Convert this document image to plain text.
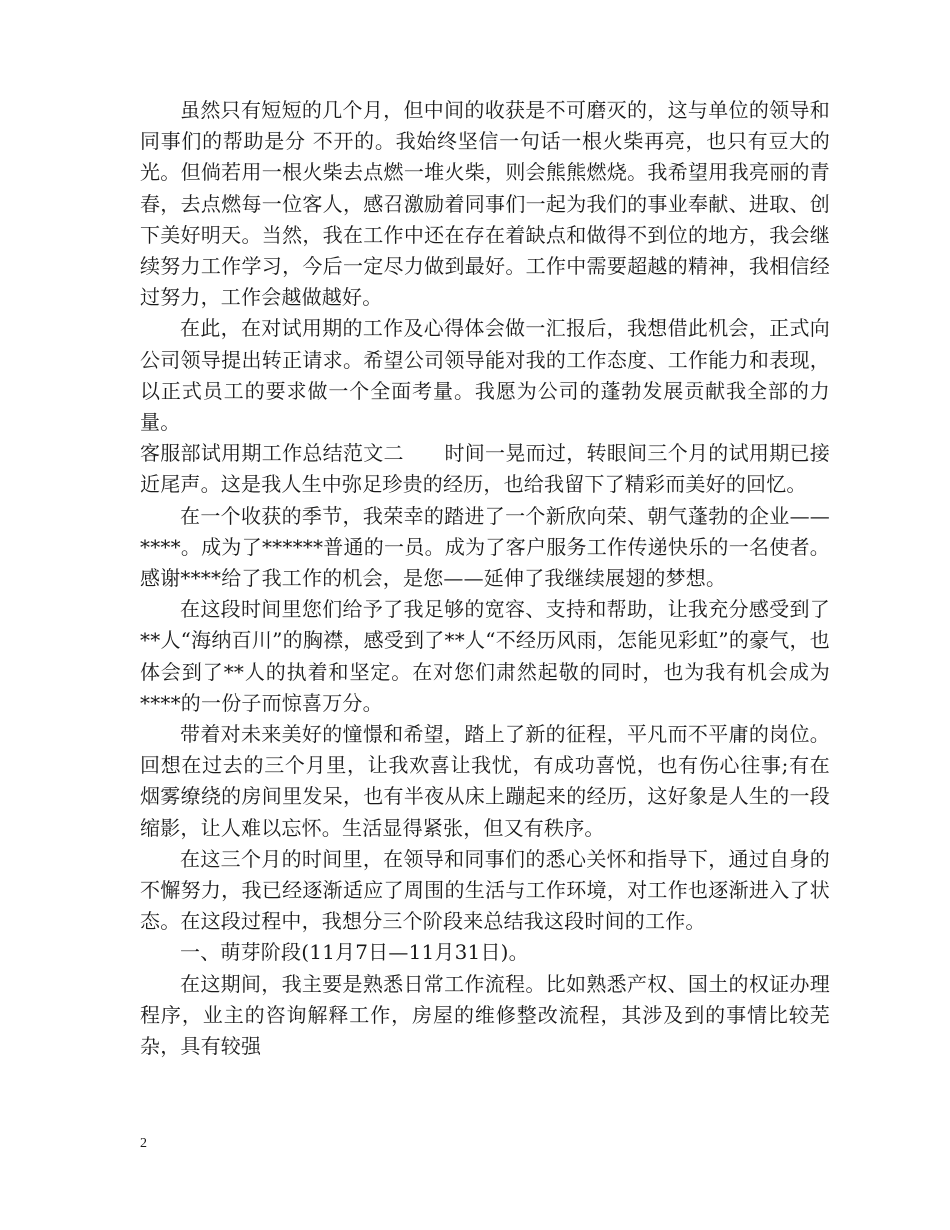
虽然只有短短的几个月，但中间的收获是不可磨灭的，这与单位的领导和同事们的帮助是分 不开的。我始终坚信一句话一根火柴再亮，也只有豆大的光。但倘若用一根火柴去点燃一堆火柴，则会熊熊燃烧。我希望用我亮丽的青春，去点燃每一位客人，感召激励着同事们一起为我们的事业奉献、进取、创下美好明天。当然，我在工作中还在存在着缺点和做得不到位的地方，我会继续努力工作学习，今后一定尽力做到最好。工作中需要超越的精神，我相信经过努力，工作会越做越好。

在此，在对试用期的工作及心得体会做一汇报后，我想借此机会，正式向公司领导提出转正请求。希望公司领导能对我的工作态度、工作能力和表现，以正式员工的要求做一个全面考量。我愿为公司的蓬勃发展贡献我全部的力量。

客服部试用期工作总结范文二　　时间一晃而过，转眼间三个月的试用期已接近尾声。这是我人生中弥足珍贵的经历，也给我留下了精彩而美好的回忆。

在一个收获的季节，我荣幸的踏进了一个新欣向荣、朝气蓬勃的企业——****。成为了******普通的一员。成为了客户服务工作传递快乐的一名使者。感谢****给了我工作的机会，是您——延伸了我继续展翅的梦想。

在这段时间里您们给予了我足够的宽容、支持和帮助，让我充分感受到了**人“海纳百川”的胸襟，感受到了**人“不经历风雨，怎能见彩虹”的豪气，也体会到了**人的执着和坚定。在对您们肃然起敬的同时，也为我有机会成为****的一份子而惊喜万分。

带着对未来美好的憧憬和希望，踏上了新的征程，平凡而不平庸的岗位。回想在过去的三个月里，让我欢喜让我忧，有成功喜悦，也有伤心往事;有在烟雾缭绕的房间里发呆，也有半夜从床上蹦起来的经历，这好象是人生的一段缩影，让人难以忘怀。生活显得紧张，但又有秩序。

在这三个月的时间里，在领导和同事们的悉心关怀和指导下，通过自身的不懈努力，我已经逐渐适应了周围的生活与工作环境，对工作也逐渐进入了状态。在这段过程中，我想分三个阶段来总结我这段时间的工作。

一、萌芽阶段(11月7日—11月31日)。

在这期间，我主要是熟悉日常工作流程。比如熟悉产权、国土的权证办理程序，业主的咨询解释工作，房屋的维修整改流程，其涉及到的事情比较芜杂，具有较强

2
